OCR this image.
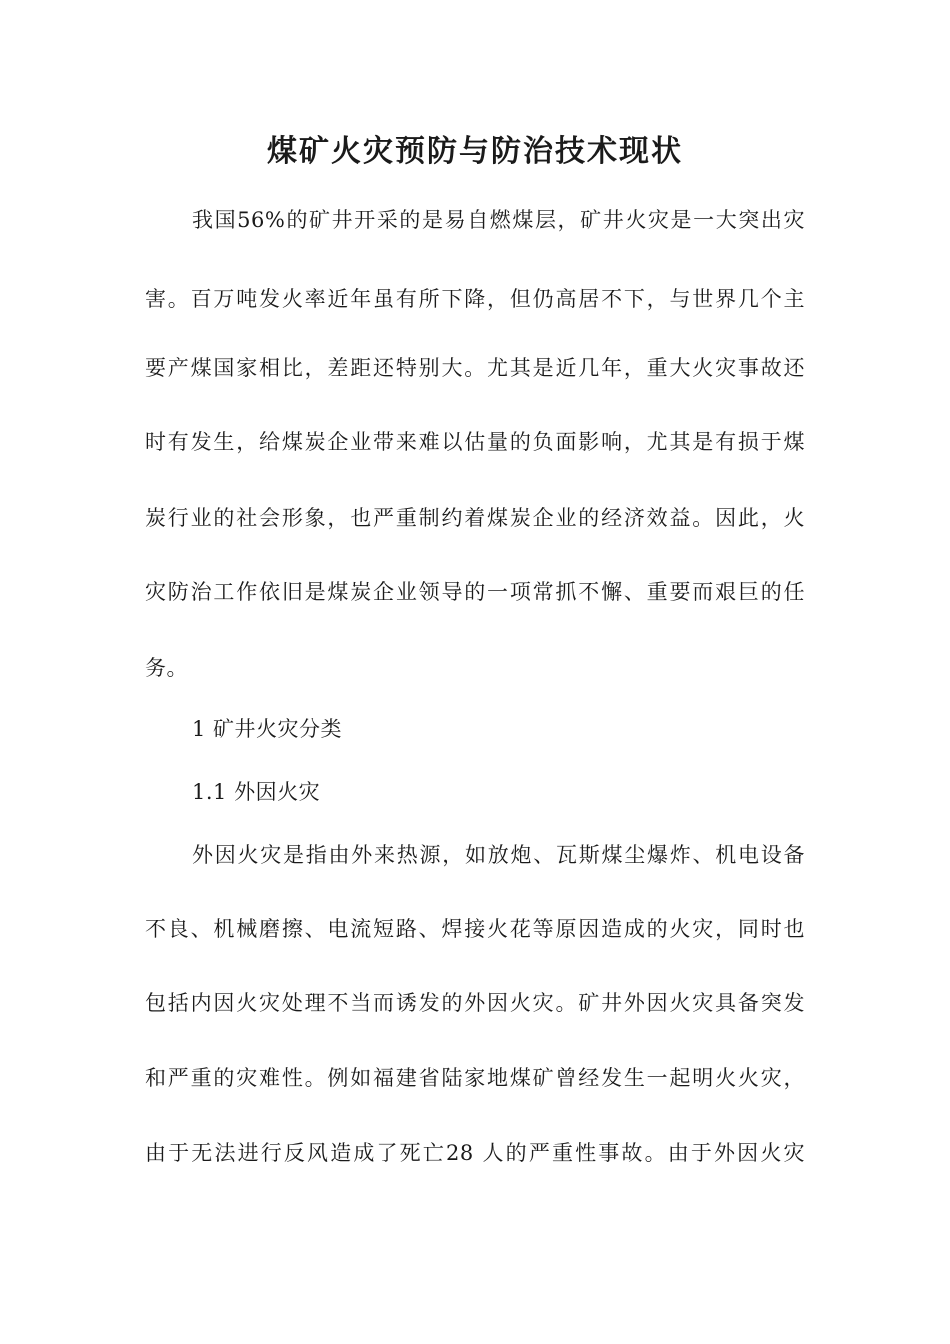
煤矿火灾预防与防治技术现状
我国56%的矿井开采的是易自燃煤层，矿井火灾是一大突出灾
害。百万吨发火率近年虽有所下降，但仍高居不下，与世界几个主
要产煤国家相比，差距还特别大。尤其是近几年，重大火灾事故还
时有发生，给煤炭企业带来难以估量的负面影响，尤其是有损于煤
炭行业的社会形象，也严重制约着煤炭企业的经济效益。因此，火
灾防治工作依旧是煤炭企业领导的一项常抓不懈、重要而艰巨的任
务。
1 矿井火灾分类
1.1 外因火灾
外因火灾是指由外来热源，如放炮、瓦斯煤尘爆炸、机电设备
不良、机械磨擦、电流短路、焊接火花等原因造成的火灾，同时也
包括内因火灾处理不当而诱发的外因火灾。矿井外因火灾具备突发
和严重的灾难性。例如福建省陆家地煤矿曾经发生一起明火火灾，
由于无法进行反风造成了死亡28 人的严重性事故。由于外因火灾
